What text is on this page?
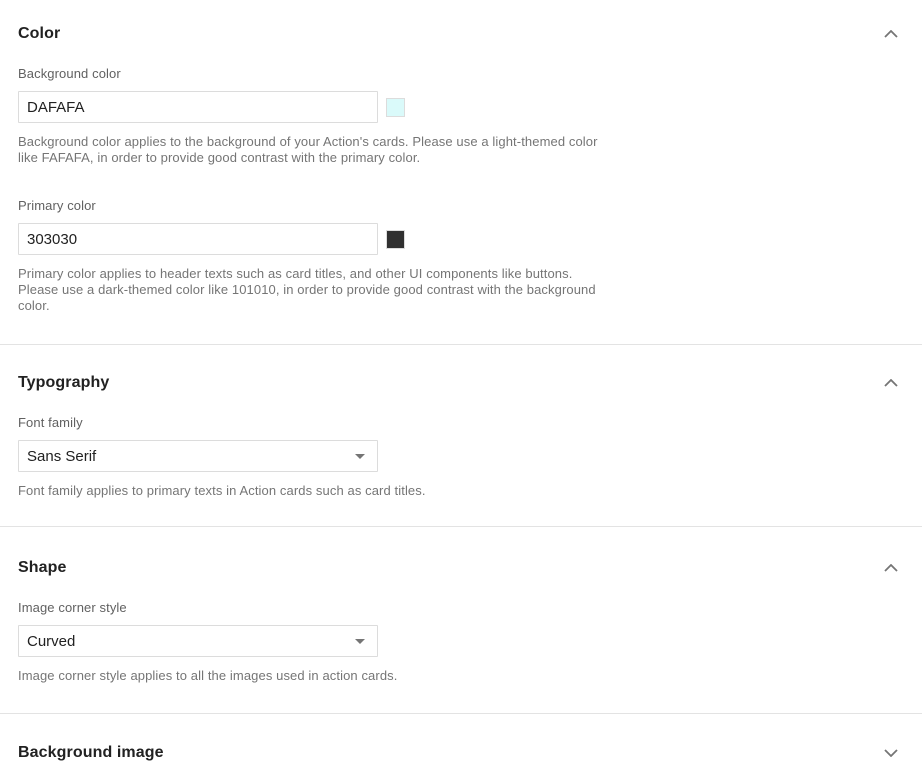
Color
Background color
DAFAFA

Background color applies to the background of your Action's cards. Please use a light-themed color like FAFAFA, in order to provide good contrast with the primary color.

Primary color
303030

Primary color applies to header texts such as card titles, and other UI components like buttons. Please use a dark-themed color like 101010, in order to provide good contrast with the background color.

Typography
Font family
Sans Serif

Font family applies to primary texts in Action cards such as card titles.

Shape
Image corner style
Curved

Image corner style applies to all the images used in action cards.

Background image
